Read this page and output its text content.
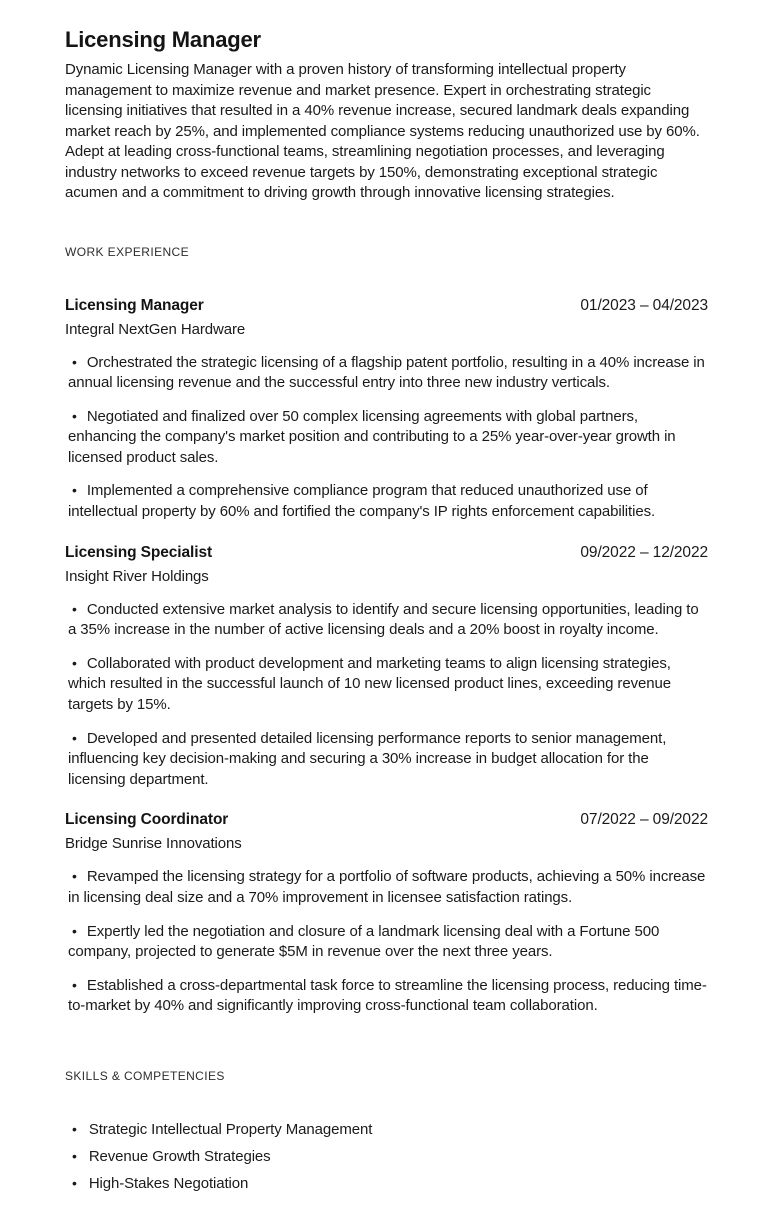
Licensing Manager

Dynamic Licensing Manager with a proven history of transforming intellectual property management to maximize revenue and market presence. Expert in orchestrating strategic licensing initiatives that resulted in a 40% revenue increase, secured landmark deals expanding market reach by 25%, and implemented compliance systems reducing unauthorized use by 60%. Adept at leading cross-functional teams, streamlining negotiation processes, and leveraging industry networks to exceed revenue targets by 150%, demonstrating exceptional strategic acumen and a commitment to driving growth through innovative licensing strategies.

WORK EXPERIENCE
Licensing Manager	01/2023 – 04/2023
Integral NextGen Hardware

• Orchestrated the strategic licensing of a flagship patent portfolio, resulting in a 40% increase in annual licensing revenue and the successful entry into three new industry verticals.

• Negotiated and finalized over 50 complex licensing agreements with global partners, enhancing the company's market position and contributing to a 25% year-over-year growth in licensed product sales.

• Implemented a comprehensive compliance program that reduced unauthorized use of intellectual property by 60% and fortified the company's IP rights enforcement capabilities.

Licensing Specialist	09/2022 – 12/2022
Insight River Holdings

• Conducted extensive market analysis to identify and secure licensing opportunities, leading to a 35% increase in the number of active licensing deals and a 20% boost in royalty income.

• Collaborated with product development and marketing teams to align licensing strategies, which resulted in the successful launch of 10 new licensed product lines, exceeding revenue targets by 15%.

• Developed and presented detailed licensing performance reports to senior management, influencing key decision-making and securing a 30% increase in budget allocation for the licensing department.

Licensing Coordinator	07/2022 – 09/2022
Bridge Sunrise Innovations

• Revamped the licensing strategy for a portfolio of software products, achieving a 50% increase in licensing deal size and a 70% improvement in licensee satisfaction ratings.

• Expertly led the negotiation and closure of a landmark licensing deal with a Fortune 500 company, projected to generate $5M in revenue over the next three years.

• Established a cross-departmental task force to streamline the licensing process, reducing time-to-market by 40% and significantly improving cross-functional team collaboration.

SKILLS & COMPETENCIES

• Strategic Intellectual Property Management

• Revenue Growth Strategies

• High-Stakes Negotiation
